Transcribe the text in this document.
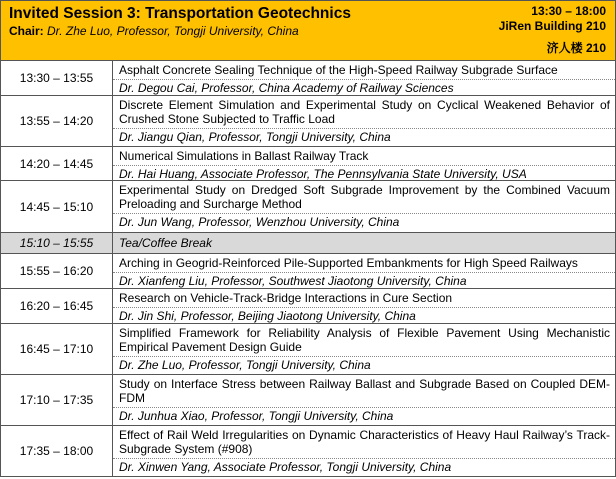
Invited Session 3: Transportation Geotechnics
Chair: Dr. Zhe Luo, Professor, Tongji University, China
13:30 – 18:00
JiRen Building 210
济人楼 210
13:30 – 13:55
Asphalt Concrete Sealing Technique of the High-Speed Railway Subgrade Surface
Dr. Degou Cai, Professor, China Academy of Railway Sciences
13:55 – 14:20
Discrete Element Simulation and Experimental Study on Cyclical Weakened Behavior of Crushed Stone Subjected to Traffic Load
Dr. Jiangu Qian, Professor, Tongji University, China
14:20 – 14:45
Numerical Simulations in Ballast Railway Track
Dr. Hai Huang, Associate Professor, The Pennsylvania State University, USA
14:45 – 15:10
Experimental Study on Dredged Soft Subgrade Improvement by the Combined Vacuum Preloading and Surcharge Method
Dr. Jun Wang, Professor, Wenzhou University, China
15:10 – 15:55	Tea/Coffee Break
15:55 – 16:20
Arching in Geogrid-Reinforced Pile-Supported Embankments for High Speed Railways
Dr. Xianfeng Liu, Professor, Southwest Jiaotong University, China
16:20 – 16:45
Research on Vehicle-Track-Bridge Interactions in Cure Section
Dr. Jin Shi, Professor, Beijing Jiaotong University, China
16:45 – 17:10
Simplified Framework for Reliability Analysis of Flexible Pavement Using Mechanistic Empirical Pavement Design Guide
Dr. Zhe Luo, Professor, Tongji University, China
17:10 – 17:35
Study on Interface Stress between Railway Ballast and Subgrade Based on Coupled DEM-FDM
Dr. Junhua Xiao, Professor, Tongji University, China
17:35 – 18:00
Effect of Rail Weld Irregularities on Dynamic Characteristics of Heavy Haul Railway’s Track-Subgrade System (#908)
Dr. Xinwen Yang, Associate Professor, Tongji University, China
